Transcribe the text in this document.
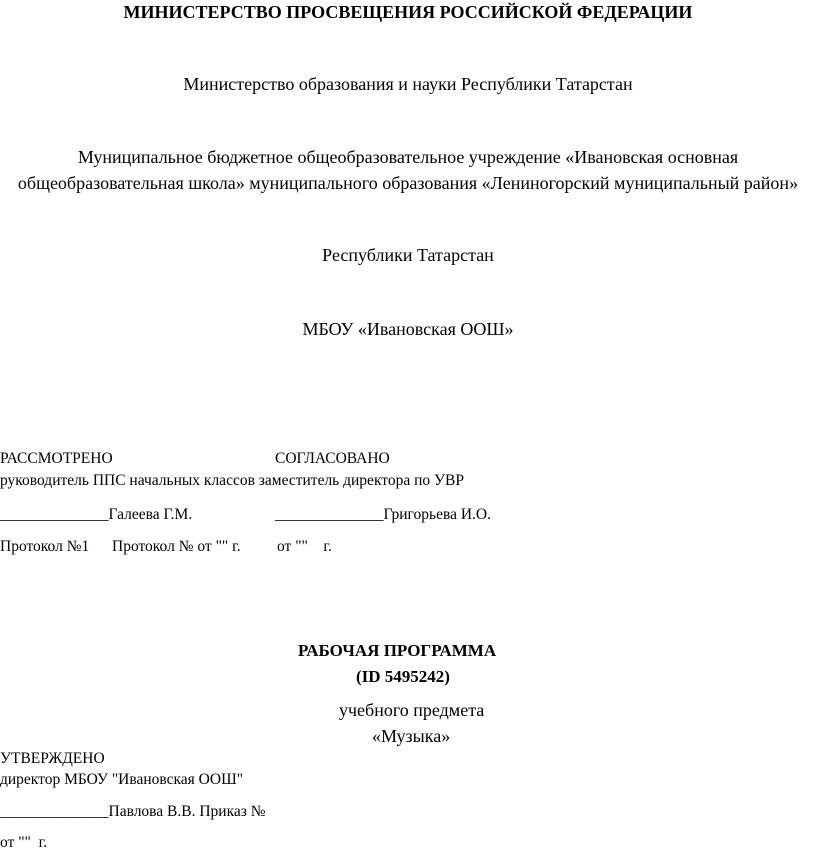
МИНИСТЕРСТВО ПРОСВЕЩЕНИЯ РОССИЙСКОЙ ФЕДЕРАЦИИ
Министерство образования и науки Республики Татарстан
Муниципальное бюджетное общеобразовательное учреждение «Ивановская основная
общеобразовательная школа» муниципального образования «Лениногорский муниципальный район»
Республики Татарстан
МБОУ «Ивановская ООШ»
РАССМОТРЕНО	СОГЛАСОВАНО
руководитель ППС начальных классов заместитель директора по УВР
______________Галеева Г.М.	______________Григорьева И.О.
Протокол №1 Протокол № от "" г. от ""    г.
РАБОЧАЯ ПРОГРАММА
(ID 5495242)
учебного предмета
«Музыка»
УТВЕРЖДЕНО
директор МБОУ "Ивановская ООШ"
______________Павлова В.В. Приказ №
от ""  г.
